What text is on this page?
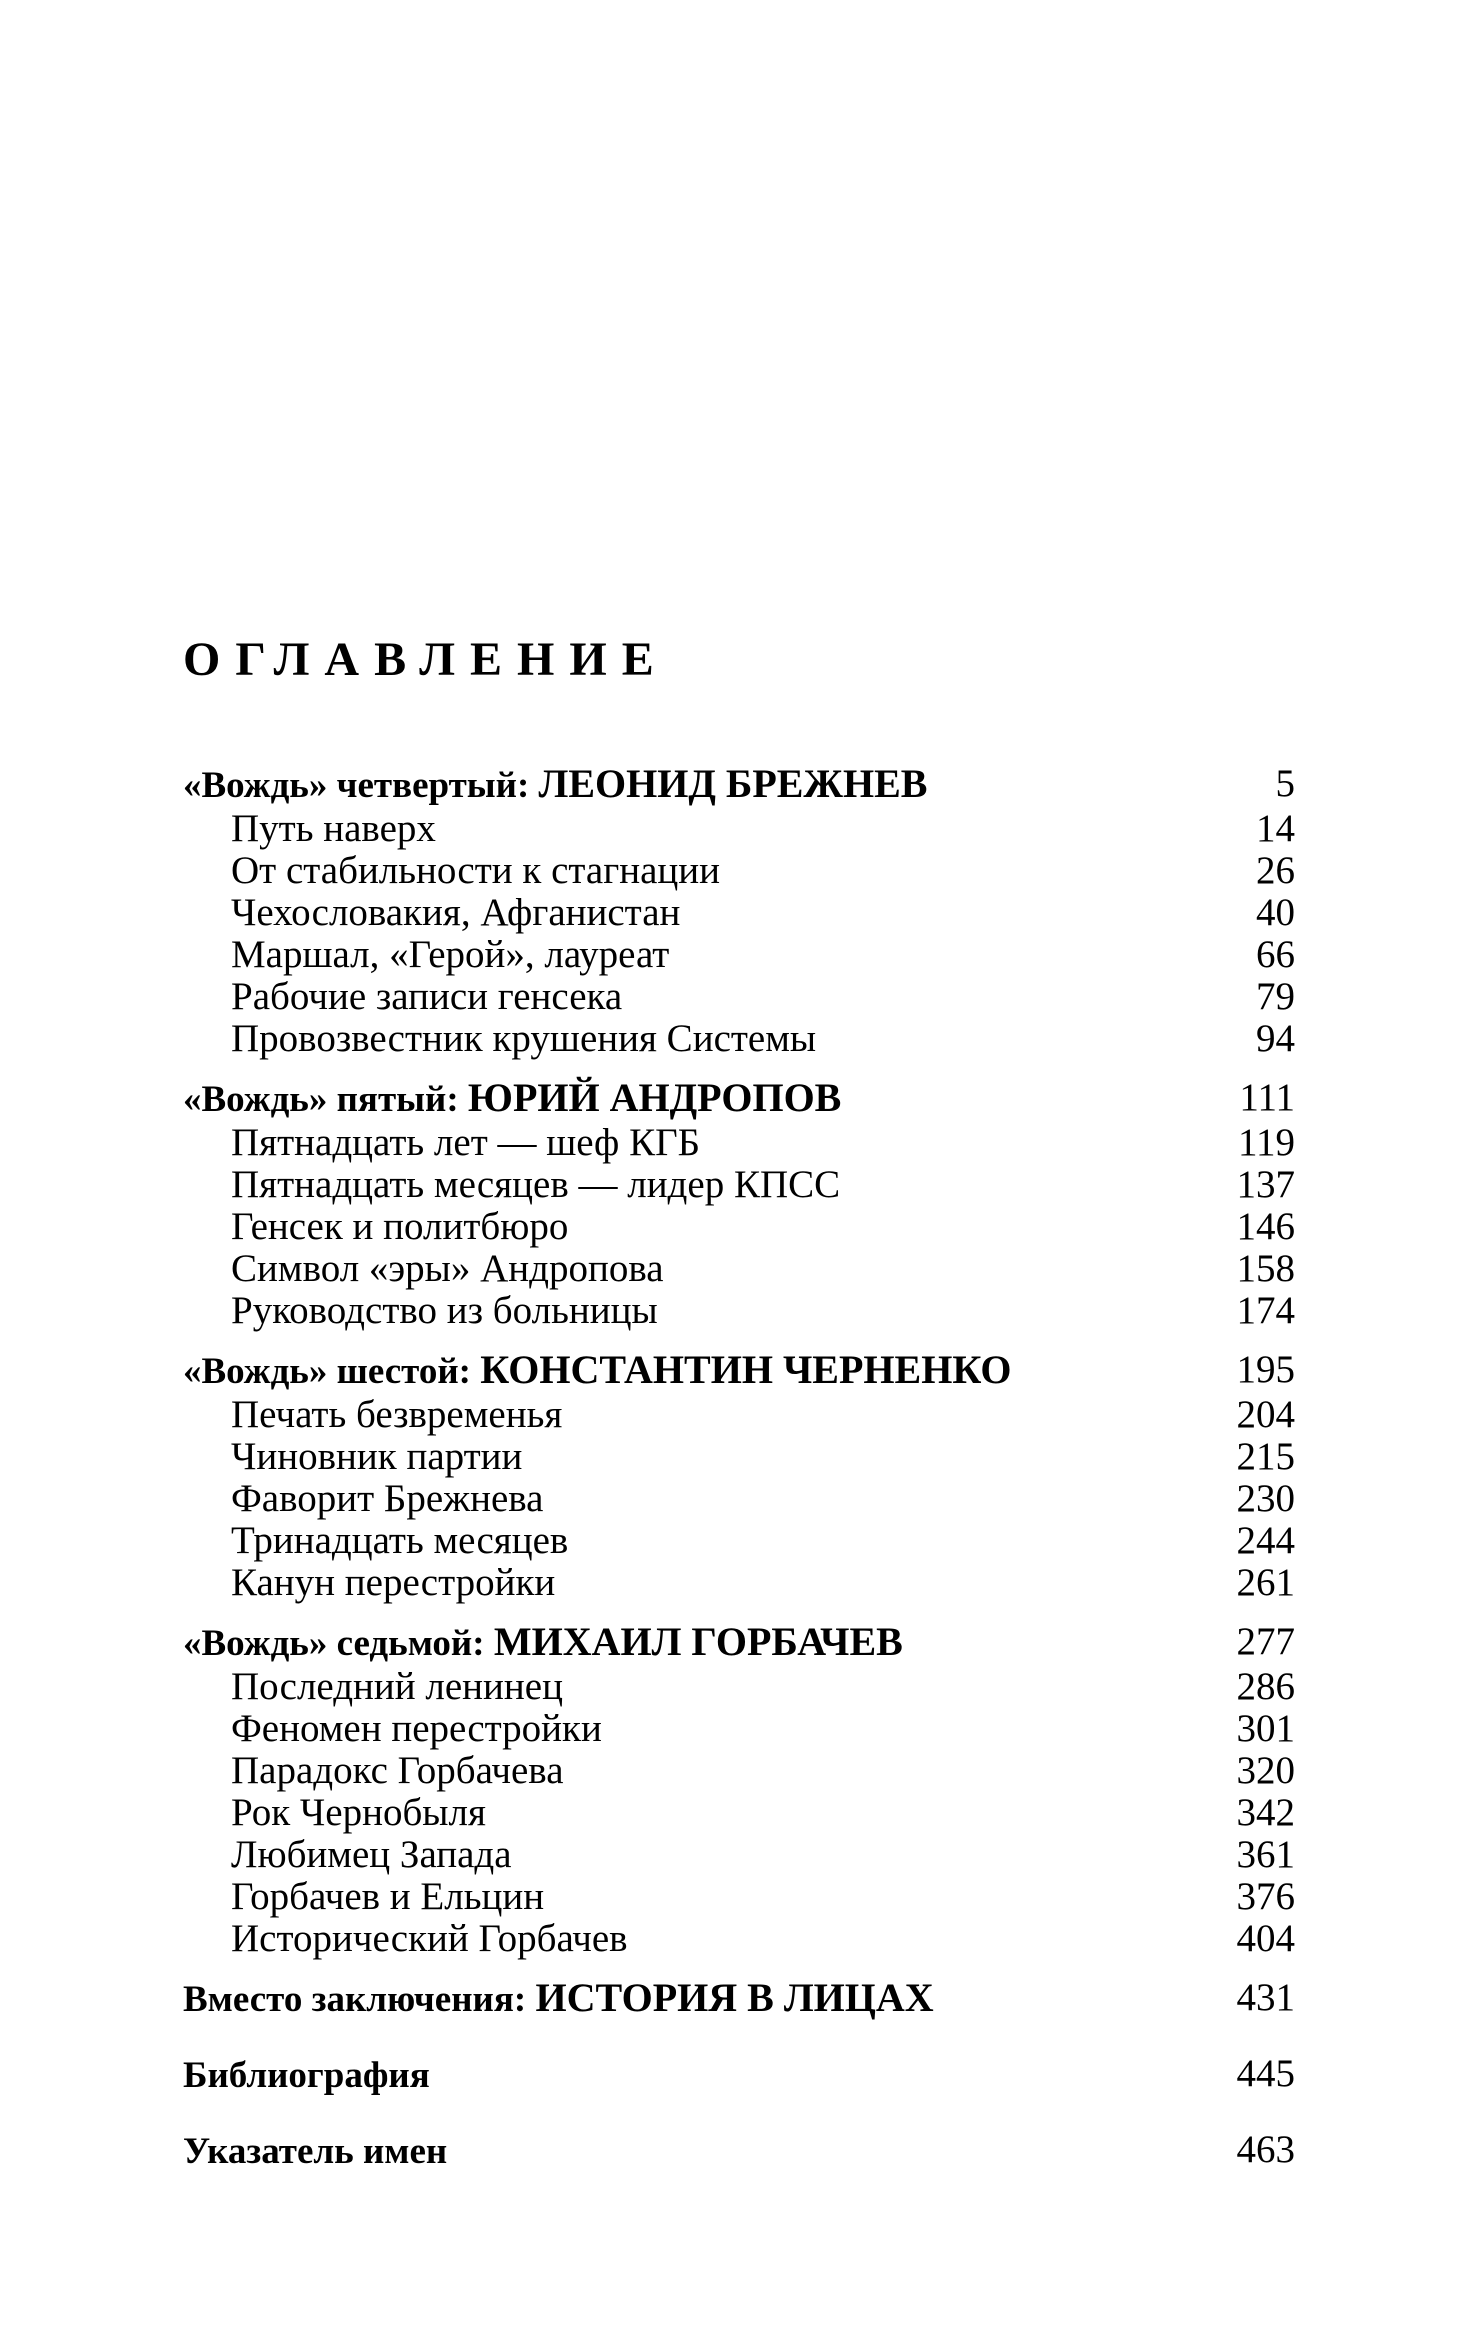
ОГЛАВЛЕНИЕ
«Вождь» четвертый: ЛЕОНИД БРЕЖНЕВ	5
Путь наверх	14
От стабильности к стагнации	26
Чехословакия, Афганистан	40
Маршал, «Герой», лауреат	66
Рабочие записи генсека	79
Провозвестник крушения Системы	94
«Вождь» пятый: ЮРИЙ АНДРОПОВ	111
Пятнадцать лет — шеф КГБ	119
Пятнадцать месяцев — лидер КПСС	137
Генсек и политбюро	146
Символ «эры» Андропова	158
Руководство из больницы	174
«Вождь» шестой: КОНСТАНТИН ЧЕРНЕНКО	195
Печать безвременья	204
Чиновник партии	215
Фаворит Брежнева	230
Тринадцать месяцев	244
Канун перестройки	261
«Вождь» седьмой: МИХАИЛ ГОРБАЧЕВ	277
Последний ленинец	286
Феномен перестройки	301
Парадокс Горбачева	320
Рок Чернобыля	342
Любимец Запада	361
Горбачев и Ельцин	376
Исторический Горбачев	404
Вместо заключения: ИСТОРИЯ В ЛИЦАХ	431
Библиография	445
Указатель имен	463
